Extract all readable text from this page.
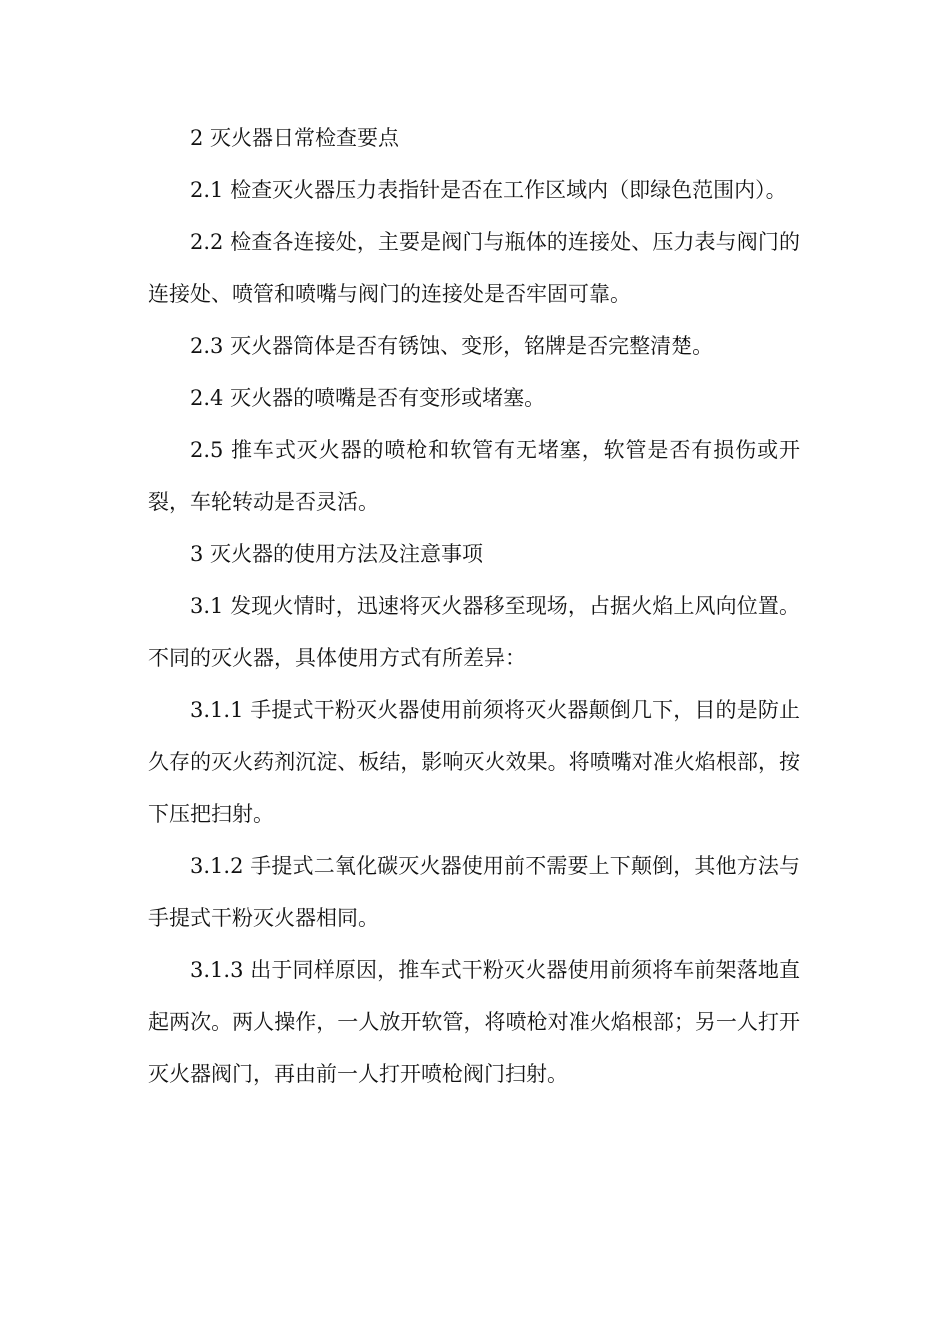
2 灭火器日常检查要点

2.1 检查灭火器压力表指针是否在工作区域内（即绿色范围内）。

2.2 检查各连接处，主要是阀门与瓶体的连接处、压力表与阀门的连接处、喷管和喷嘴与阀门的连接处是否牢固可靠。

2.3 灭火器筒体是否有锈蚀、变形，铭牌是否完整清楚。

2.4 灭火器的喷嘴是否有变形或堵塞。

2.5 推车式灭火器的喷枪和软管有无堵塞，软管是否有损伤或开裂，车轮转动是否灵活。

3 灭火器的使用方法及注意事项

3.1 发现火情时，迅速将灭火器移至现场，占据火焰上风向位置。不同的灭火器，具体使用方式有所差异：

3.1.1 手提式干粉灭火器使用前须将灭火器颠倒几下，目的是防止久存的灭火药剂沉淀、板结，影响灭火效果。将喷嘴对准火焰根部，按下压把扫射。

3.1.2 手提式二氧化碳灭火器使用前不需要上下颠倒，其他方法与手提式干粉灭火器相同。

3.1.3 出于同样原因，推车式干粉灭火器使用前须将车前架落地直起两次。两人操作，一人放开软管，将喷枪对准火焰根部；另一人打开灭火器阀门，再由前一人打开喷枪阀门扫射。
